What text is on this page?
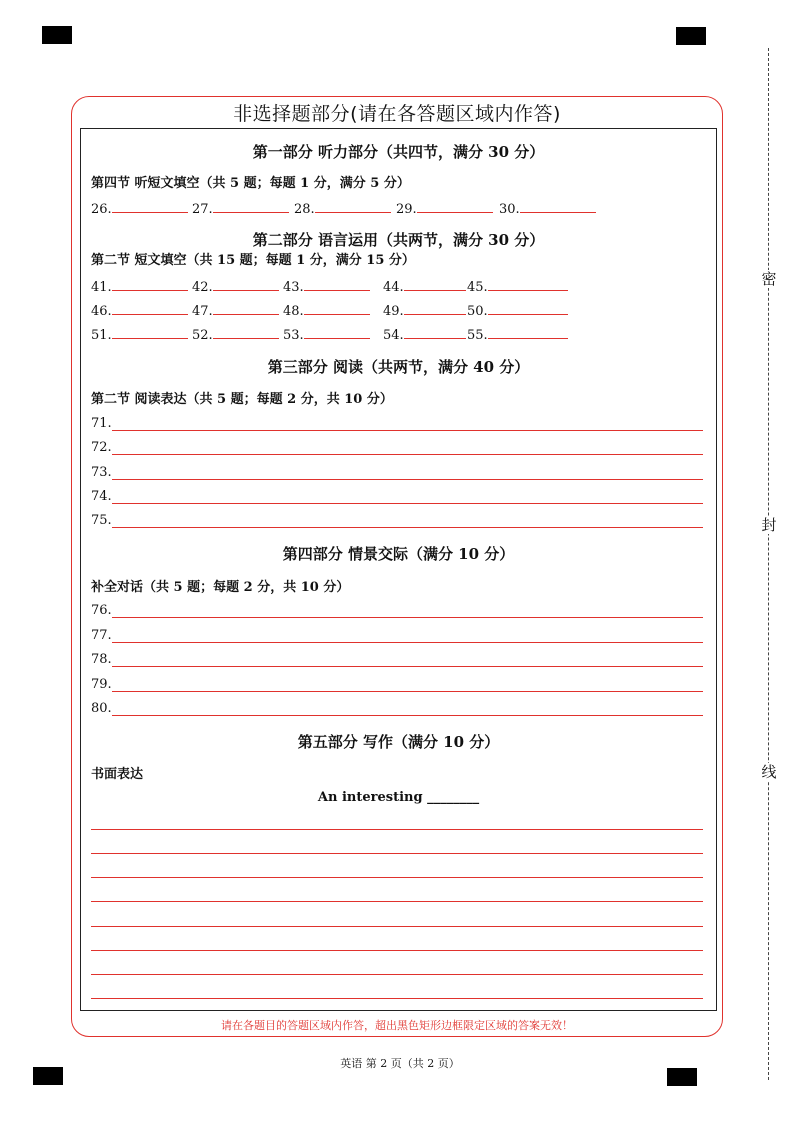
密
封
线
非选择题部分(请在各答题区域内作答)
第一部分 听力部分（共四节，满分 30 分）
第四节 听短文填空（共 5 题；每题 1 分，满分 5 分）
26.	27.	28.	29.	30.
第二部分 语言运用（共两节，满分 30 分）
第二节 短文填空（共 15 题；每题 1 分，满分 15 分）
41.	42.	43.	44.	45.
46.	47.	48.	49.	50.
51.	52.	53.	54.	55.
第三部分 阅读（共两节，满分 40 分）
第二节 阅读表达（共 5 题；每题 2 分，共 10 分）
71.
72.
73.
74.
75.
第四部分 情景交际（满分 10 分）
补全对话（共 5 题；每题 2 分，共 10 分）
76.
77.
78.
79.
80.
第五部分 写作（满分 10 分）
书面表达
An interesting ________
请在各题目的答题区域内作答，超出黑色矩形边框限定区域的答案无效！
英语 第 2 页（共 2 页）
